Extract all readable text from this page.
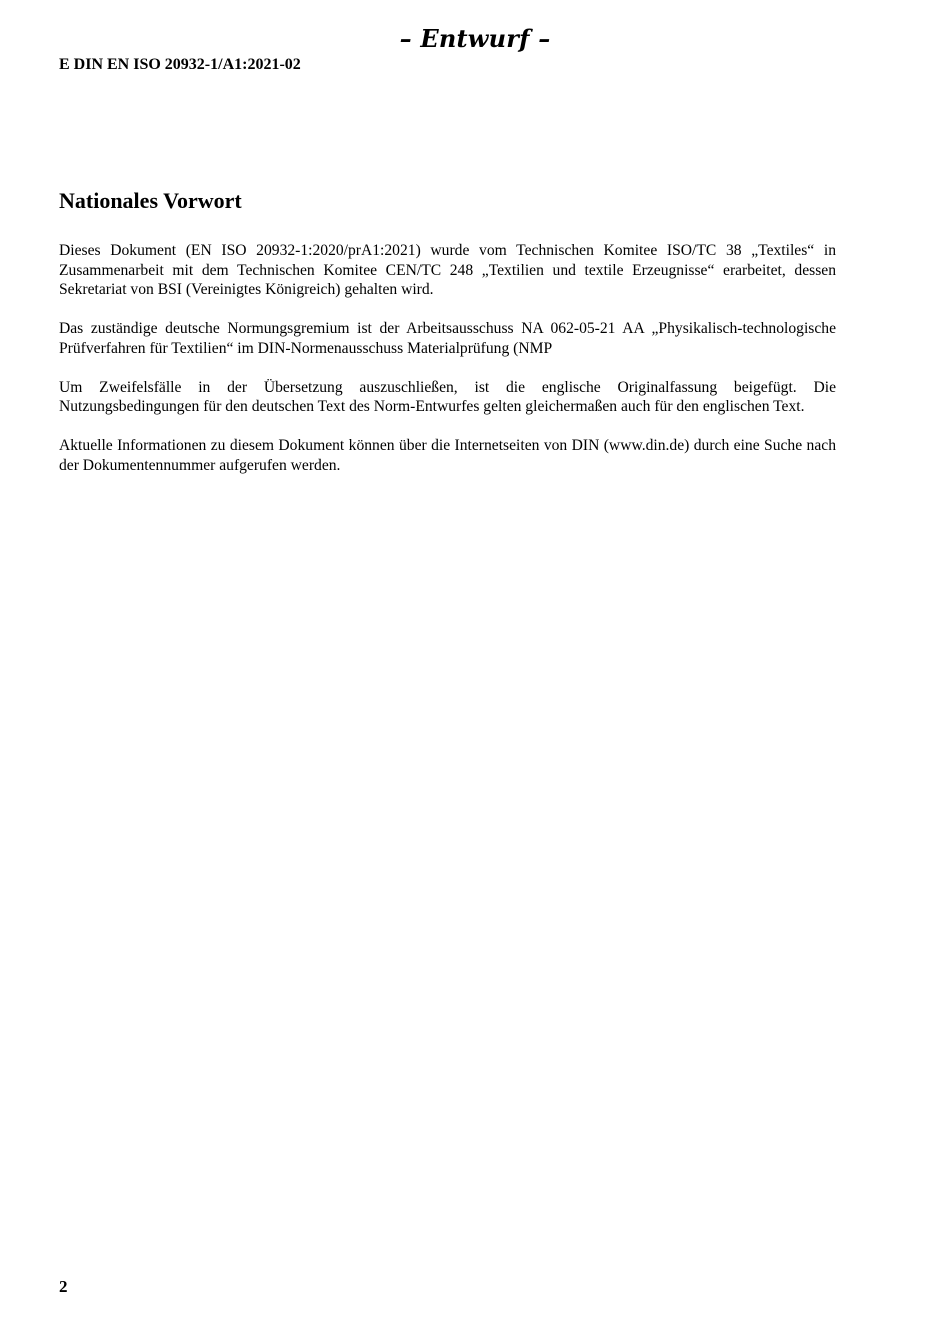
– Entwurf –
E DIN EN ISO 20932-1/A1:2021-02
Nationales Vorwort

Dieses Dokument (EN ISO 20932-1:2020/prA1:2021) wurde vom Technischen Komitee ISO/TC 38 „Textiles“ in Zusammenarbeit mit dem Technischen Komitee CEN/TC 248 „Textilien und textile Erzeugnisse“ erarbeitet, dessen Sekretariat von BSI (Vereinigtes Königreich) gehalten wird.

Das zuständige deutsche Normungsgremium ist der Arbeitsausschuss NA 062-05-21 AA „Physikalisch-technologische Prüfverfahren für Textilien“ im DIN-Normenausschuss Materialprüfung (NMP

Um Zweifelsfälle in der Übersetzung auszuschließen, ist die englische Originalfassung beigefügt. Die Nutzungsbedingungen für den deutschen Text des Norm-Entwurfes gelten gleichermaßen auch für den englischen Text.

Aktuelle Informationen zu diesem Dokument können über die Internetseiten von DIN (www.din.de) durch eine Suche nach der Dokumentennummer aufgerufen werden.

2
